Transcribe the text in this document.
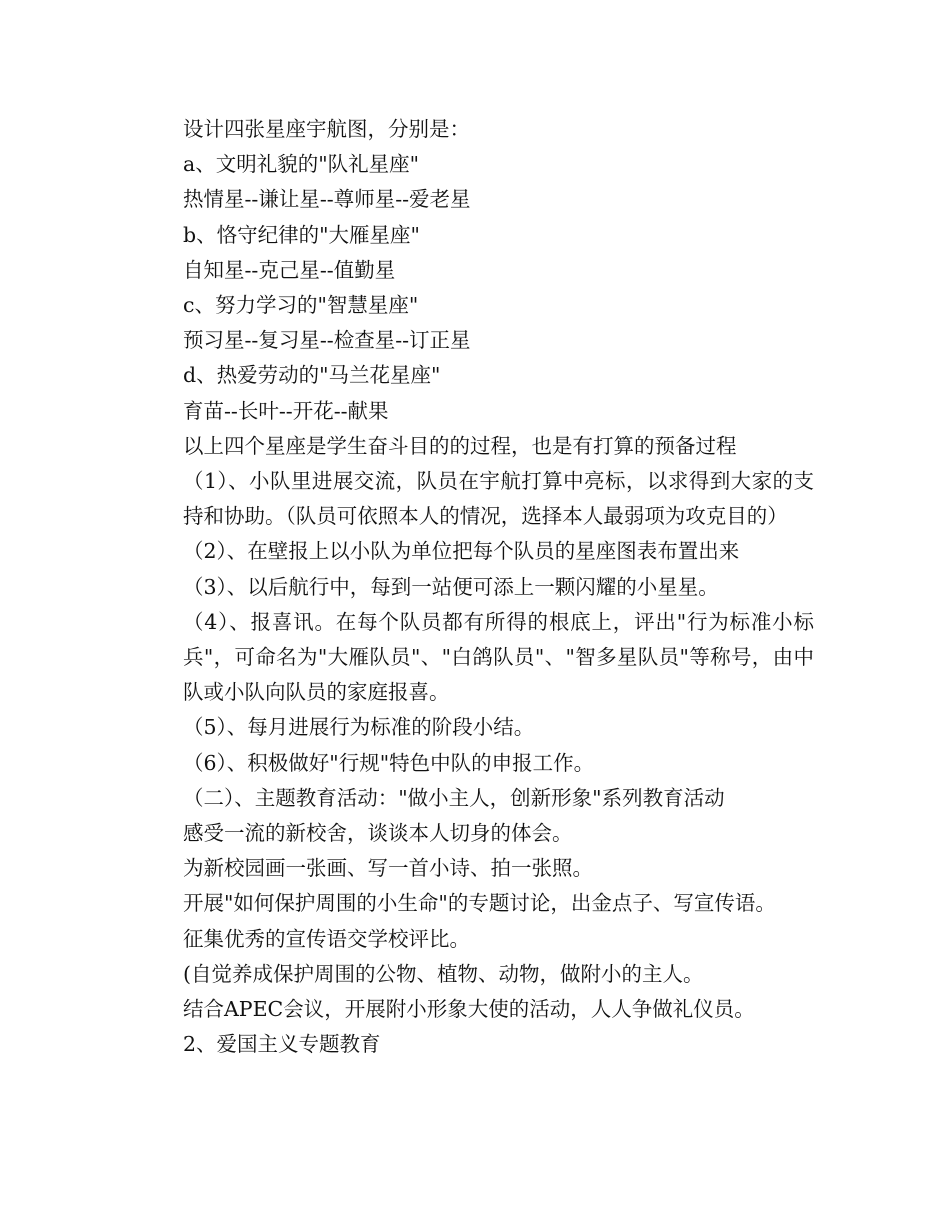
设计四张星座宇航图，分别是：
a、文明礼貌的"队礼星座"
热情星--谦让星--尊师星--爱老星
b、恪守纪律的"大雁星座"
自知星--克己星--值勤星
c、努力学习的"智慧星座"
预习星--复习星--检查星--订正星
d、热爱劳动的"马兰花星座"
育苗--长叶--开花--献果
以上四个星座是学生奋斗目的的过程，也是有打算的预备过程
（1）、小队里进展交流，队员在宇航打算中亮标，以求得到大家的支持和协助。（队员可依照本人的情况，选择本人最弱项为攻克目的）
（2）、在壁报上以小队为单位把每个队员的星座图表布置出来
（3）、以后航行中，每到一站便可添上一颗闪耀的小星星。
（4）、报喜讯。在每个队员都有所得的根底上，评出"行为标准小标兵"，可命名为"大雁队员"、"白鸽队员"、"智多星队员"等称号，由中队或小队向队员的家庭报喜。
（5）、每月进展行为标准的阶段小结。
（6）、积极做好"行规"特色中队的申报工作。
（二）、主题教育活动："做小主人，创新形象"系列教育活动
感受一流的新校舍，谈谈本人切身的体会。
为新校园画一张画、写一首小诗、拍一张照。
开展"如何保护周围的小生命"的专题讨论，出金点子、写宣传语。
征集优秀的宣传语交学校评比。
(自觉养成保护周围的公物、植物、动物，做附小的主人。
结合APEC会议，开展附小形象大使的活动，人人争做礼仪员。
2、爱国主义专题教育
